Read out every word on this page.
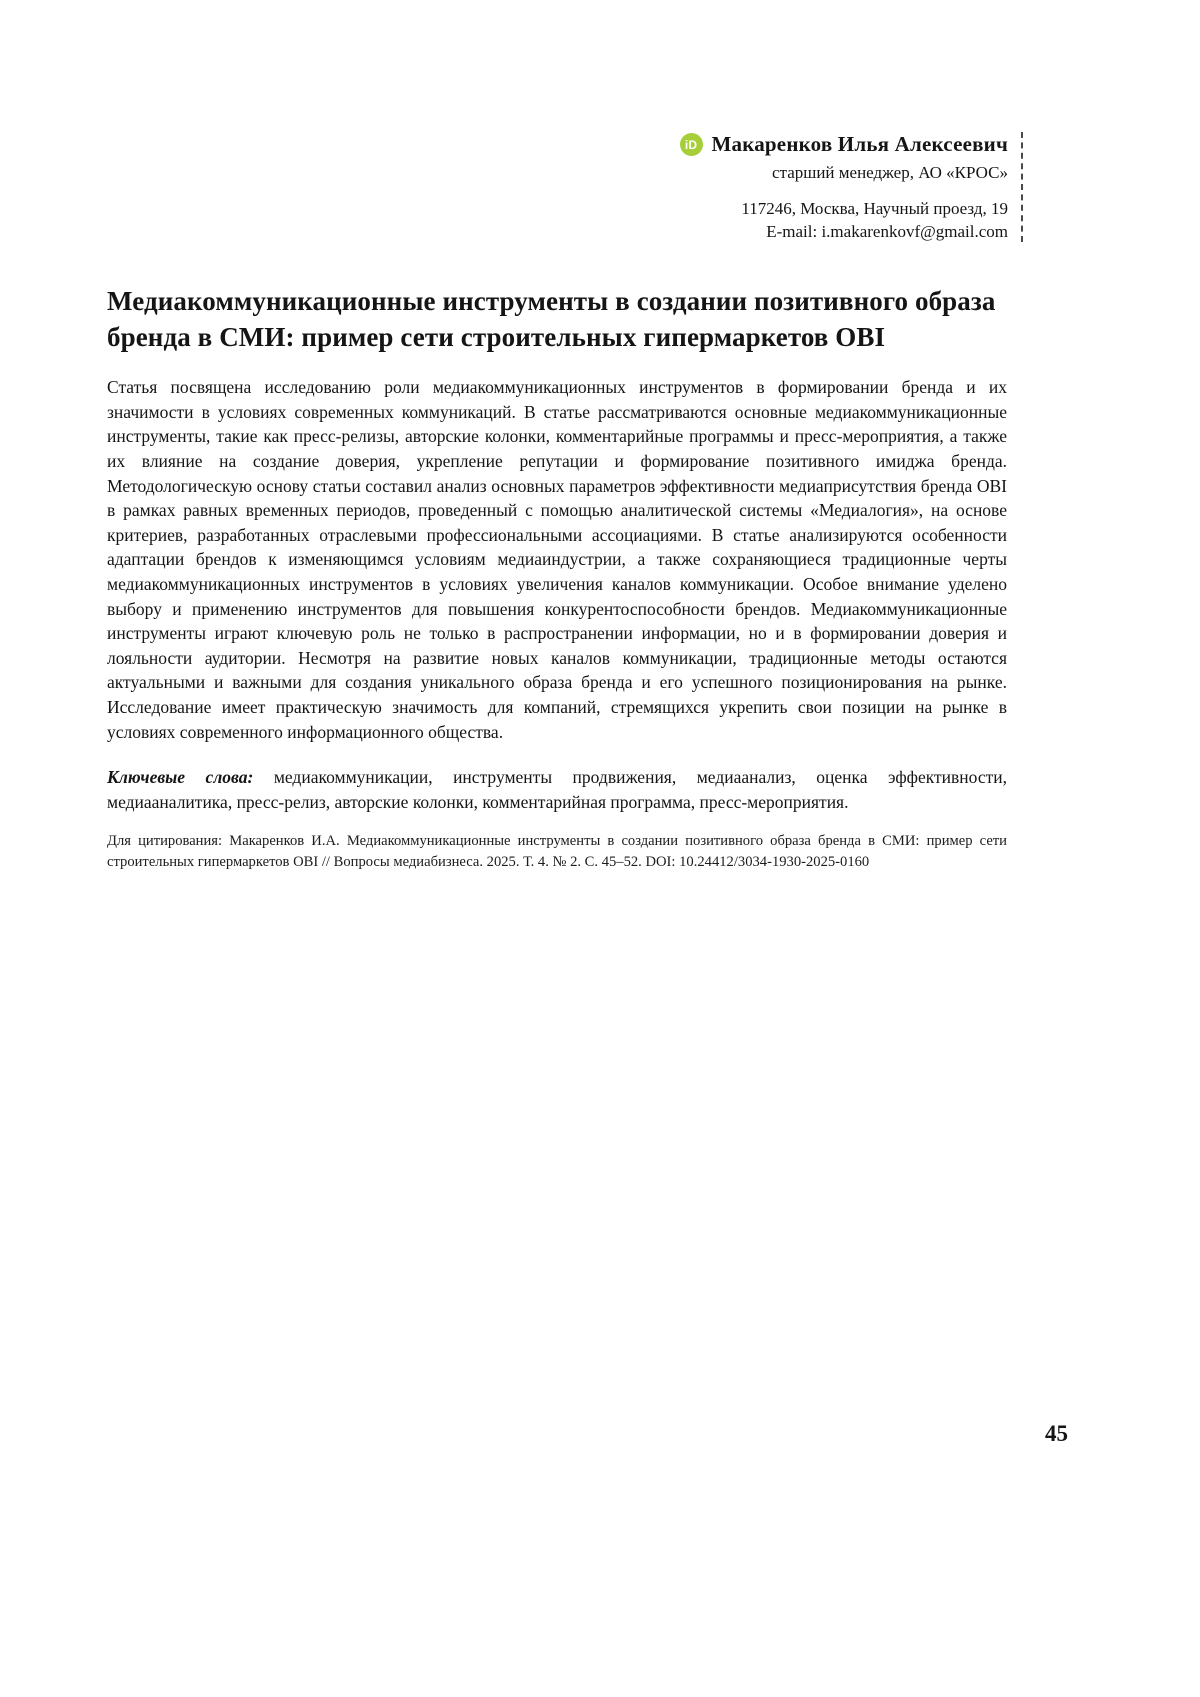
iD Макаренков Илья Алексеевич
старший менеджер, АО «КРОС»
117246, Москва, Научный проезд, 19
E-mail: i.makarenkovf@gmail.com
Медиакоммуникационные инструменты в создании позитивного образа бренда в СМИ: пример сети строительных гипермаркетов OBI

Статья посвящена исследованию роли медиакоммуникационных инструментов в формировании бренда и их значимости в условиях современных коммуникаций. В статье рассматриваются основные медиакоммуникационные инструменты, такие как пресс-релизы, авторские колонки, комментарийные программы и пресс-мероприятия, а также их влияние на создание доверия, укрепление репутации и формирование позитивного имиджа бренда. Методологическую основу статьи составил анализ основных параметров эффективности медиаприсутствия бренда OBI в рамках равных временных периодов, проведенный с помощью аналитической системы «Медиалогия», на основе критериев, разработанных отраслевыми профессиональными ассоциациями. В статье анализируются особенности адаптации брендов к изменяющимся условиям медиаиндустрии, а также сохраняющиеся традиционные черты медиакоммуникационных инструментов в условиях увеличения каналов коммуникации. Особое внимание уделено выбору и применению инструментов для повышения конкурентоспособности брендов. Медиакоммуникационные инструменты играют ключевую роль не только в распространении информации, но и в формировании доверия и лояльности аудитории. Несмотря на развитие новых каналов коммуникации, традиционные методы остаются актуальными и важными для создания уникального образа бренда и его успешного позиционирования на рынке. Исследование имеет практическую значимость для компаний, стремящихся укрепить свои позиции на рынке в условиях современного информационного общества.

Ключевые слова: медиакоммуникации, инструменты продвижения, медиаанализ, оценка эффективности, медиааналитика, пресс-релиз, авторские колонки, комментарийная программа, пресс-мероприятия.

Для цитирования: Макаренков И.А. Медиакоммуникационные инструменты в создании позитивного образа бренда в СМИ: пример сети строительных гипермаркетов OBI // Вопросы медиабизнеса. 2025. Т. 4. № 2. С. 45–52. DOI: 10.24412/3034-1930-2025-0160

45
